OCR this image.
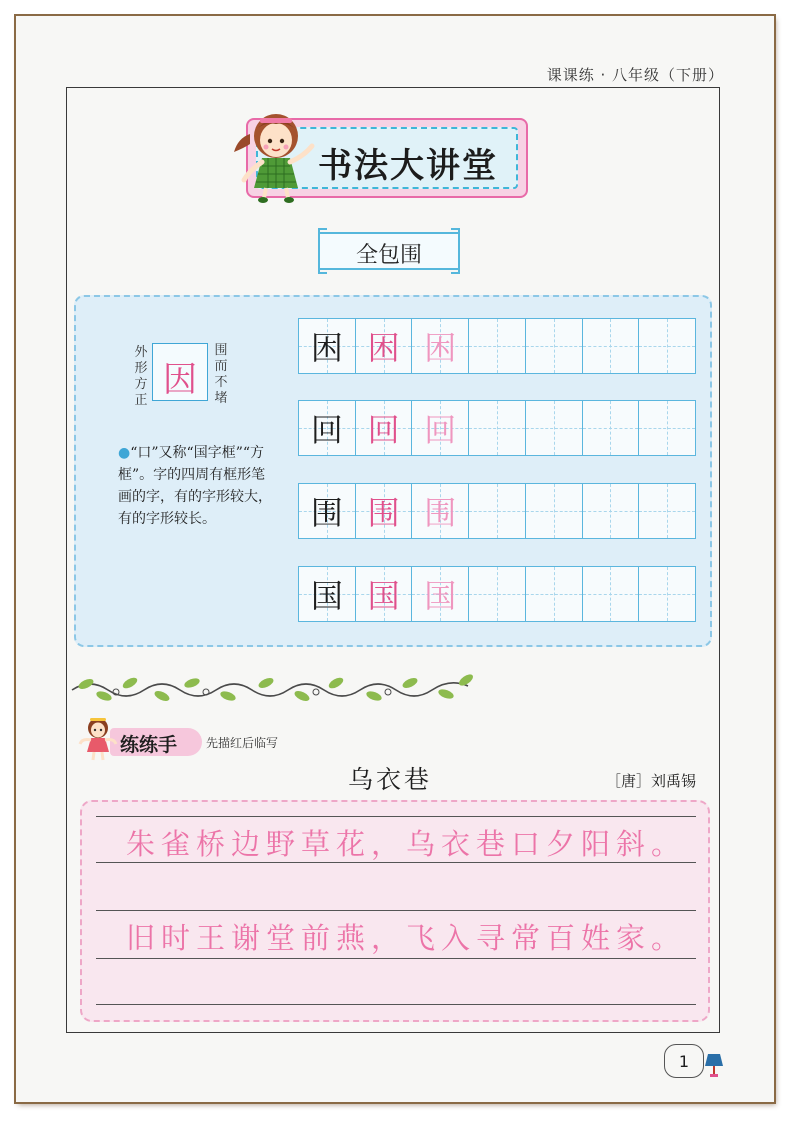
课课练 · 八年级（下册）
书法大讲堂
全包围
外形方正
因
围而不堵
●“口”又称“国字框”“方框”。字的四周有框形笔画的字，有的字形较大，有的字形较长。
困 困 困
回 回 回
围 围 围
国 国 国
练练手 先描红后临写
乌衣巷	［唐］刘禹锡
朱雀桥边野草花，乌衣巷口夕阳斜。
旧时王谢堂前燕，飞入寻常百姓家。
1
